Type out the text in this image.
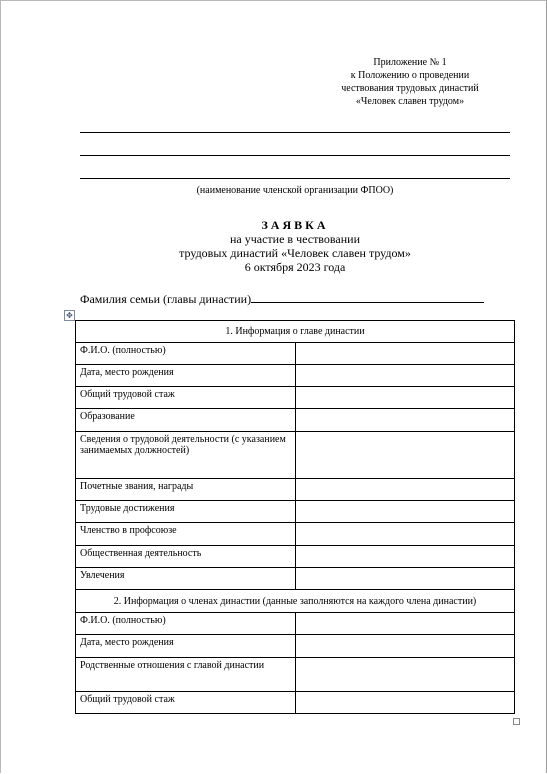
Приложение № 1
к Положению о проведении
чествования трудовых династий
«Человек славен трудом»
(наименование членской организации ФПОО)
ЗАЯВКА
на участие в чествовании
трудовых династий «Человек славен трудом»
6 октября 2023 года
Фамилия семьи (главы династии)
✥
1. Информация о главе династии	
Ф.И.О. (полностью)	
Дата, место рождения	
Общий трудовой стаж	
Образование	
Сведения о трудовой деятельности (с указанием занимаемых должностей)	
Почетные звания, награды	
Трудовые достижения	
Членство в профсоюзе	
Общественная деятельность	
Увлечения	
2. Информация о членах династии (данные заполняются на каждого члена династии)	
Ф.И.О. (полностью)	
Дата, место рождения	
Родственные отношения с главой династии	
Общий трудовой стаж	
